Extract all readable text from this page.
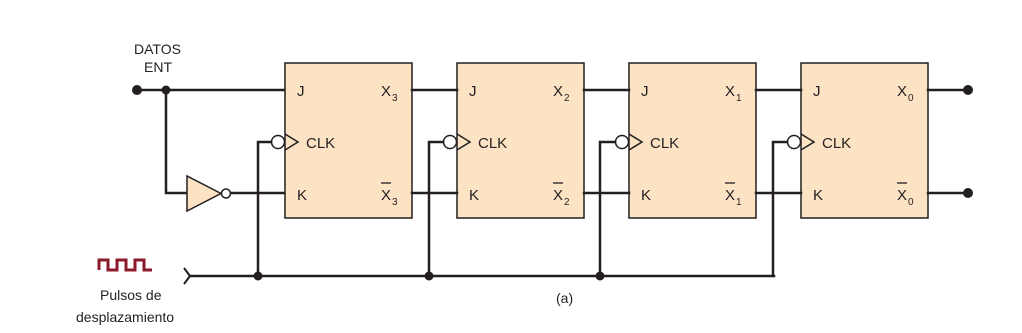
DATOS
ENT
Pulsos de
desplazamiento
J
CLK
K
X 3
X 3
J
CLK
K
X 2
X 2
J
CLK
K
X 1
X 1
J
CLK
K
X 0
X 0
(a)
